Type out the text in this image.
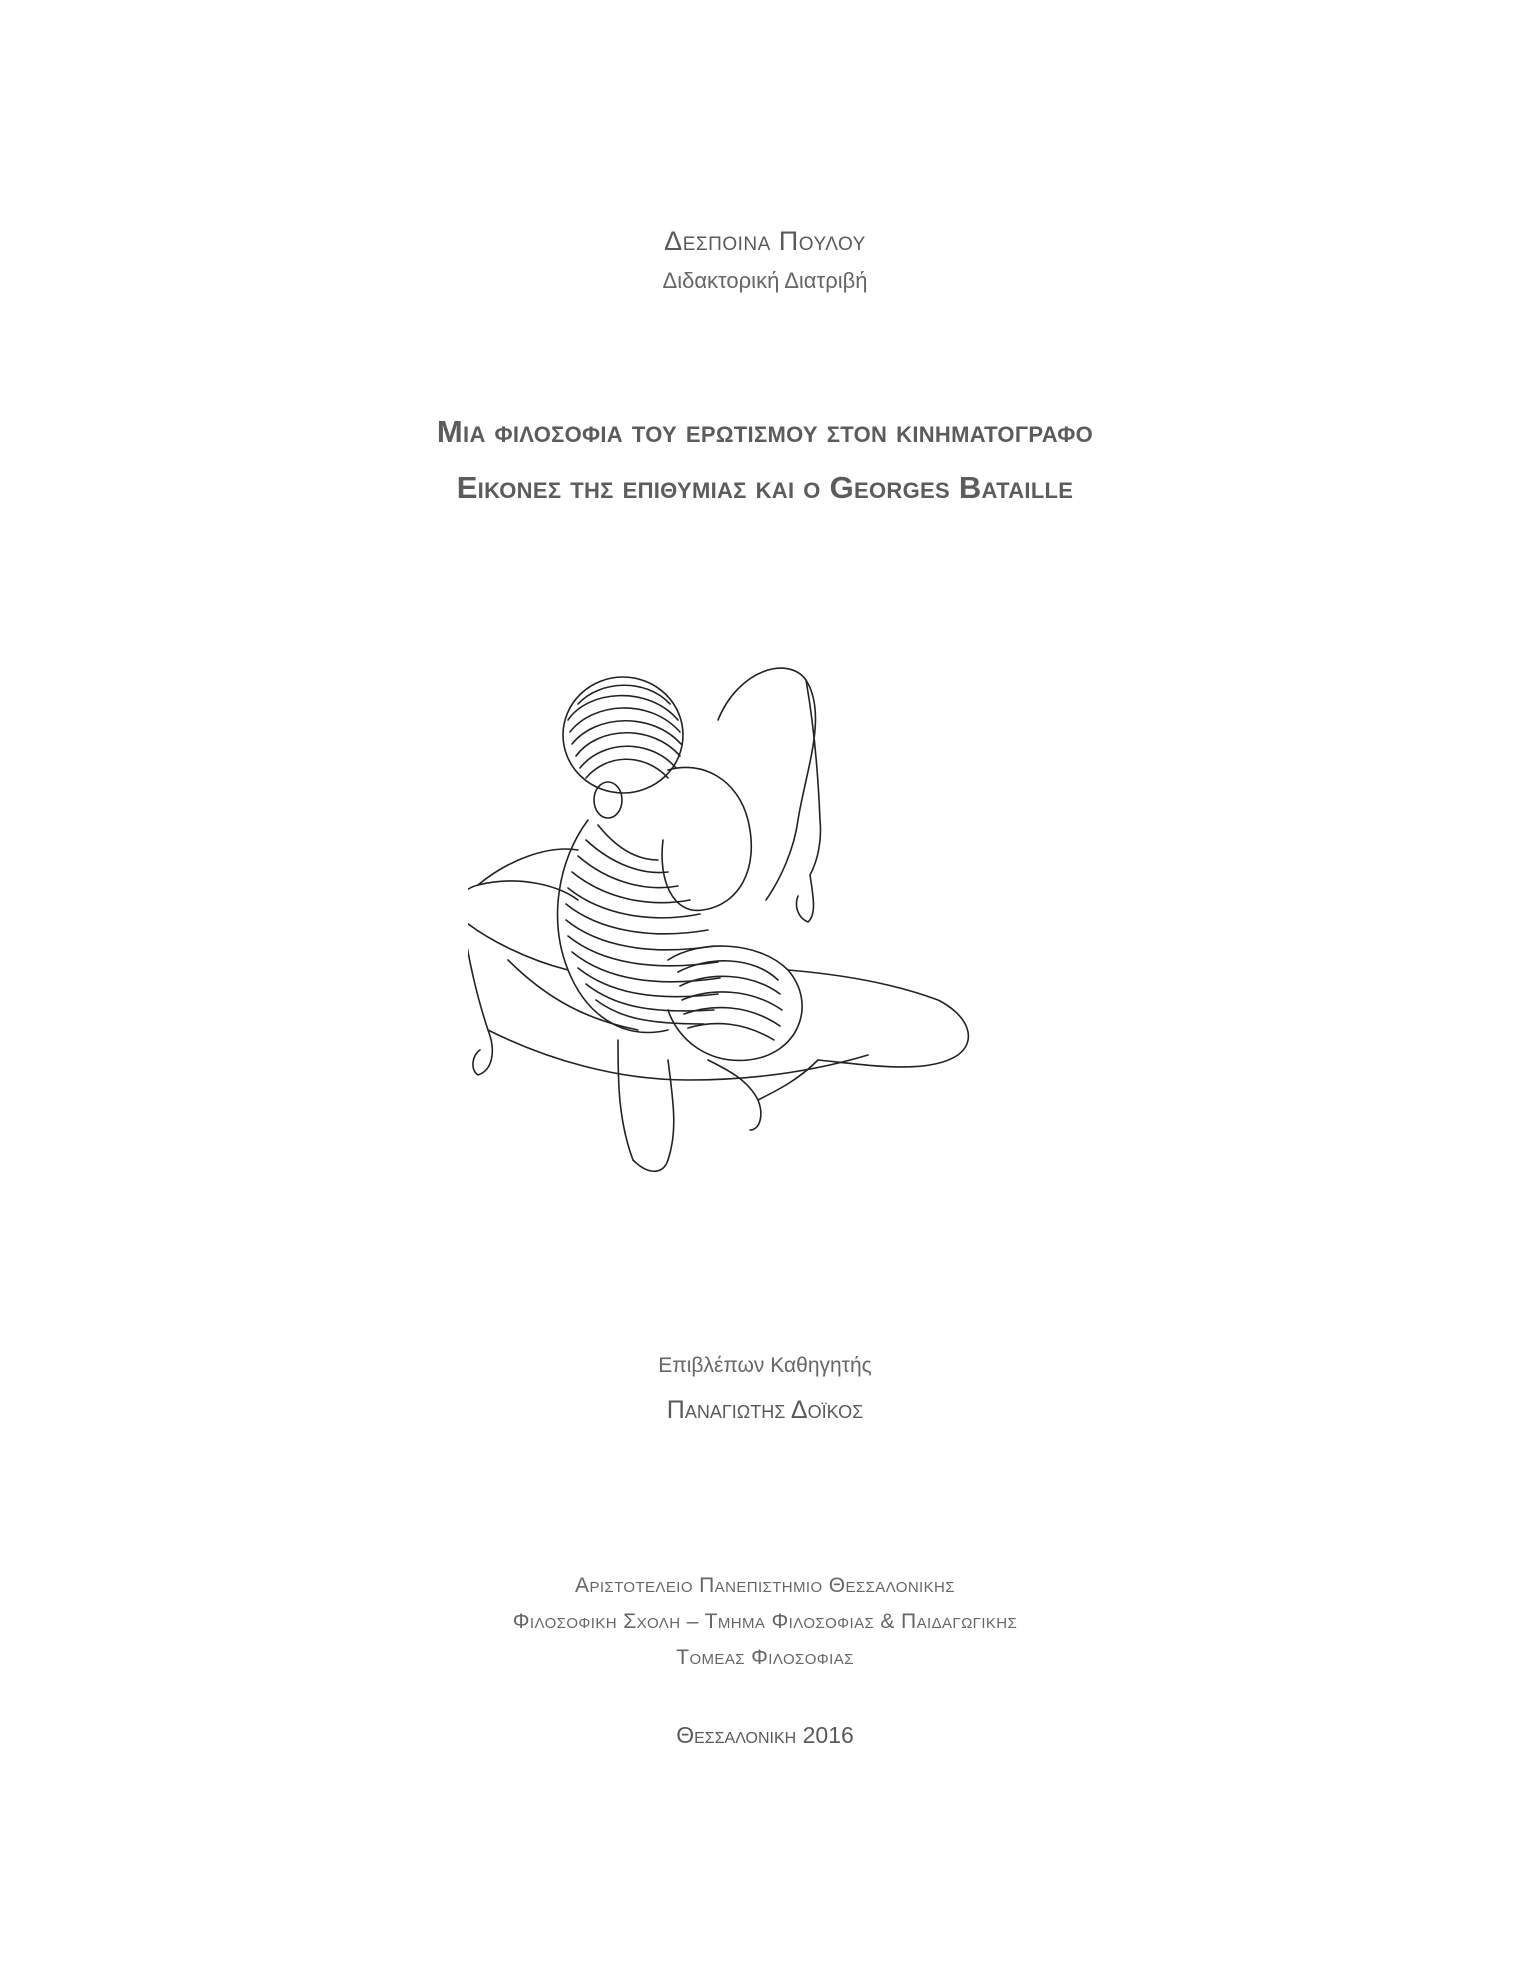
Δεσποινα Πουλου
Διδακτορική Διατριβή
Μια φιλοσοφια του ερωτισμου στον κινηματογραφο
Εικονες της επιθυμιας και ο Georges Bataille
Επιβλέπων Καθηγητής
Παναγιωτης Δοϊκος
Αριστοτελειο Πανεπιστημιο Θεσσαλονικης
Φιλοσοφικη Σχολη – Τμημα Φιλοσοφιας & Παιδαγωγικης
Τομεας Φιλοσοφιας
Θεσσαλονικη 2016
